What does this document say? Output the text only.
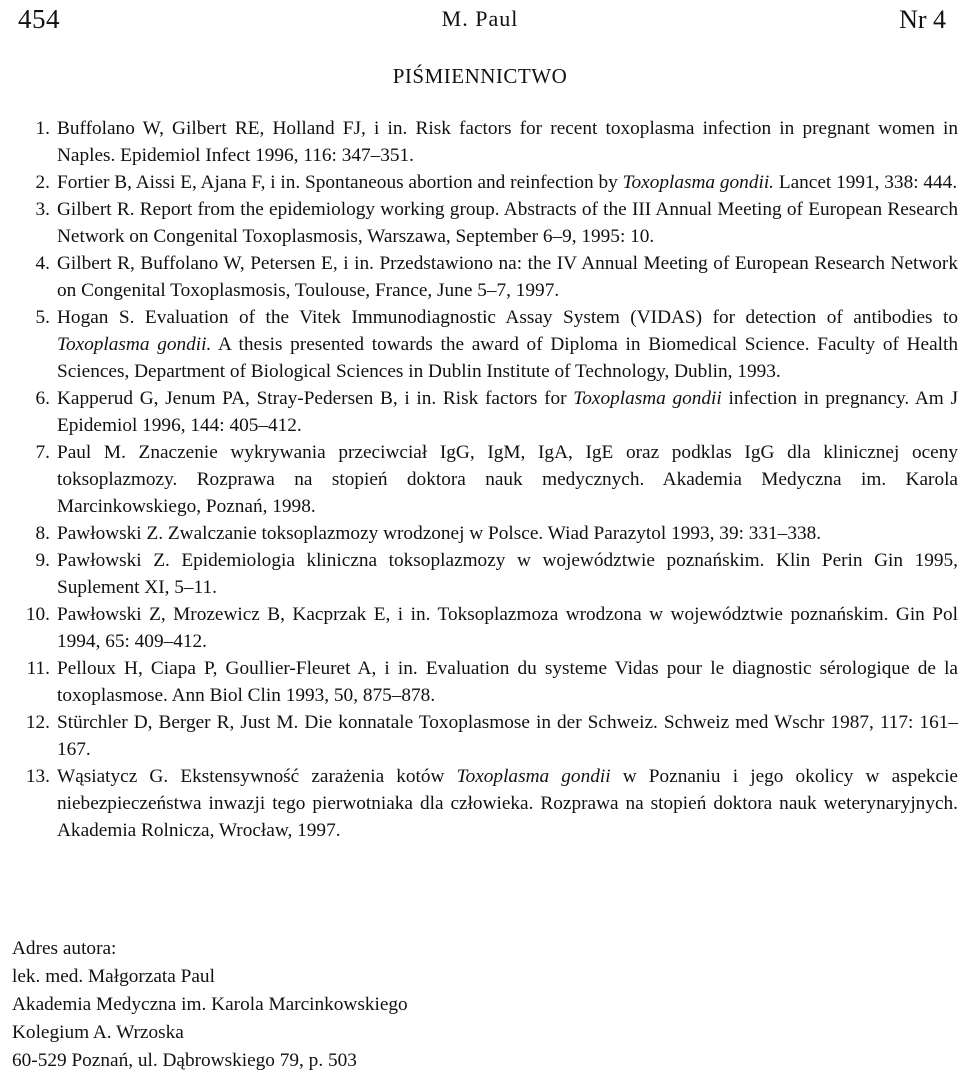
454	M. Paul	Nr 4
PIŚMIENNICTWO
1. Buffolano W, Gilbert RE, Holland FJ, i in. Risk factors for recent toxoplasma infection in pregnant women in Naples. Epidemiol Infect 1996, 116: 347–351.
2. Fortier B, Aissi E, Ajana F, i in. Spontaneous abortion and reinfection by Toxoplasma gondii. Lancet 1991, 338: 444.
3. Gilbert R. Report from the epidemiology working group. Abstracts of the III Annual Meeting of European Research Network on Congenital Toxoplasmosis, Warszawa, September 6–9, 1995: 10.
4. Gilbert R, Buffolano W, Petersen E, i in. Przedstawiono na: the IV Annual Meeting of European Research Network on Congenital Toxoplasmosis, Toulouse, France, June 5–7, 1997.
5. Hogan S. Evaluation of the Vitek Immunodiagnostic Assay System (VIDAS) for detection of antibodies to Toxoplasma gondii. A thesis presented towards the award of Diploma in Biomedical Science. Faculty of Health Sciences, Department of Biological Sciences in Dublin Institute of Technology, Dublin, 1993.
6. Kapperud G, Jenum PA, Stray-Pedersen B, i in. Risk factors for Toxoplasma gondii infection in pregnancy. Am J Epidemiol 1996, 144: 405–412.
7. Paul M. Znaczenie wykrywania przeciwciał IgG, IgM, IgA, IgE oraz podklas IgG dla klinicznej oceny toksoplazmozy. Rozprawa na stopień doktora nauk medycznych. Akademia Medyczna im. Karola Marcinkowskiego, Poznań, 1998.
8. Pawłowski Z. Zwalczanie toksoplazmozy wrodzonej w Polsce. Wiad Parazytol 1993, 39: 331–338.
9. Pawłowski Z. Epidemiologia kliniczna toksoplazmozy w województwie poznańskim. Klin Perin Gin 1995, Suplement XI, 5–11.
10. Pawłowski Z, Mrozewicz B, Kacprzak E, i in. Toksoplazmoza wrodzona w województwie poznańskim. Gin Pol 1994, 65: 409–412.
11. Pelloux H, Ciapa P, Goullier-Fleuret A, i in. Evaluation du systeme Vidas pour le diagnostic sérologique de la toxoplasmose. Ann Biol Clin 1993, 50, 875–878.
12. Stürchler D, Berger R, Just M. Die konnatale Toxoplasmose in der Schweiz. Schweiz med Wschr 1987, 117: 161–167.
13. Wąsiatycz G. Ekstensywność zarażenia kotów Toxoplasma gondii w Poznaniu i jego okolicy w aspekcie niebezpieczeństwa inwazji tego pierwotniaka dla człowieka. Rozprawa na stopień doktora nauk weterynaryjnych. Akademia Rolnicza, Wrocław, 1997.
Adres autora:
lek. med. Małgorzata Paul
Akademia Medyczna im. Karola Marcinkowskiego
Kolegium A. Wrzoska
60-529 Poznań, ul. Dąbrowskiego 79, p. 503
